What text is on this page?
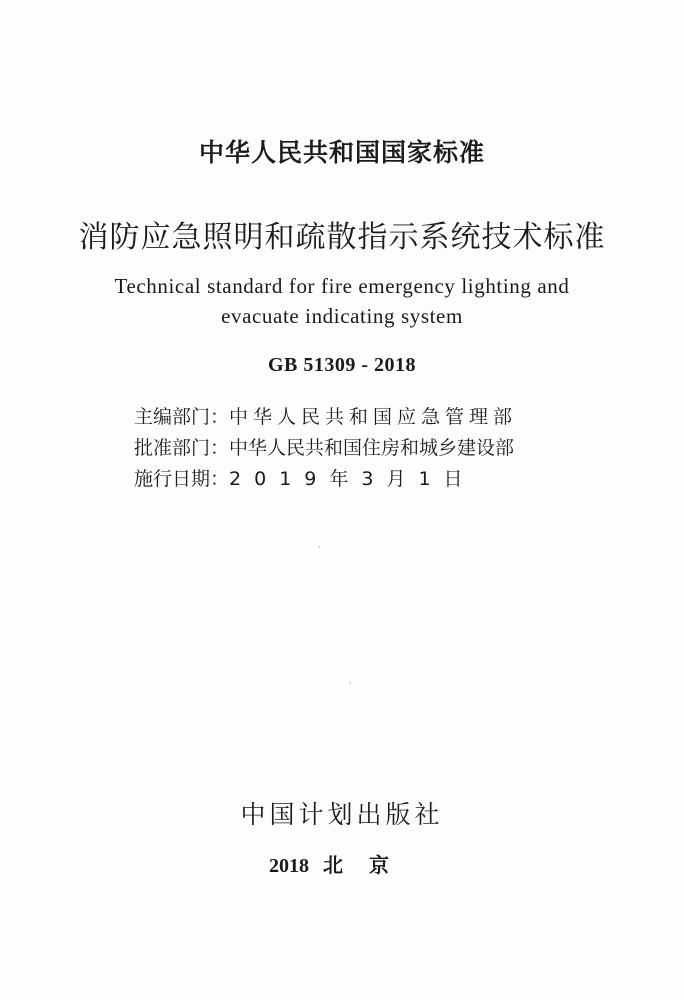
中华人民共和国国家标准
消防应急照明和疏散指示系统技术标准
Technical standard for fire emergency lighting and
evacuate indicating system
GB 51309 - 2018
主编部门：中华人民共和国应急管理部
批准部门：中华人民共和国住房和城乡建设部
施行日期：2019年3月1日
中国计划出版社
2018 北京
